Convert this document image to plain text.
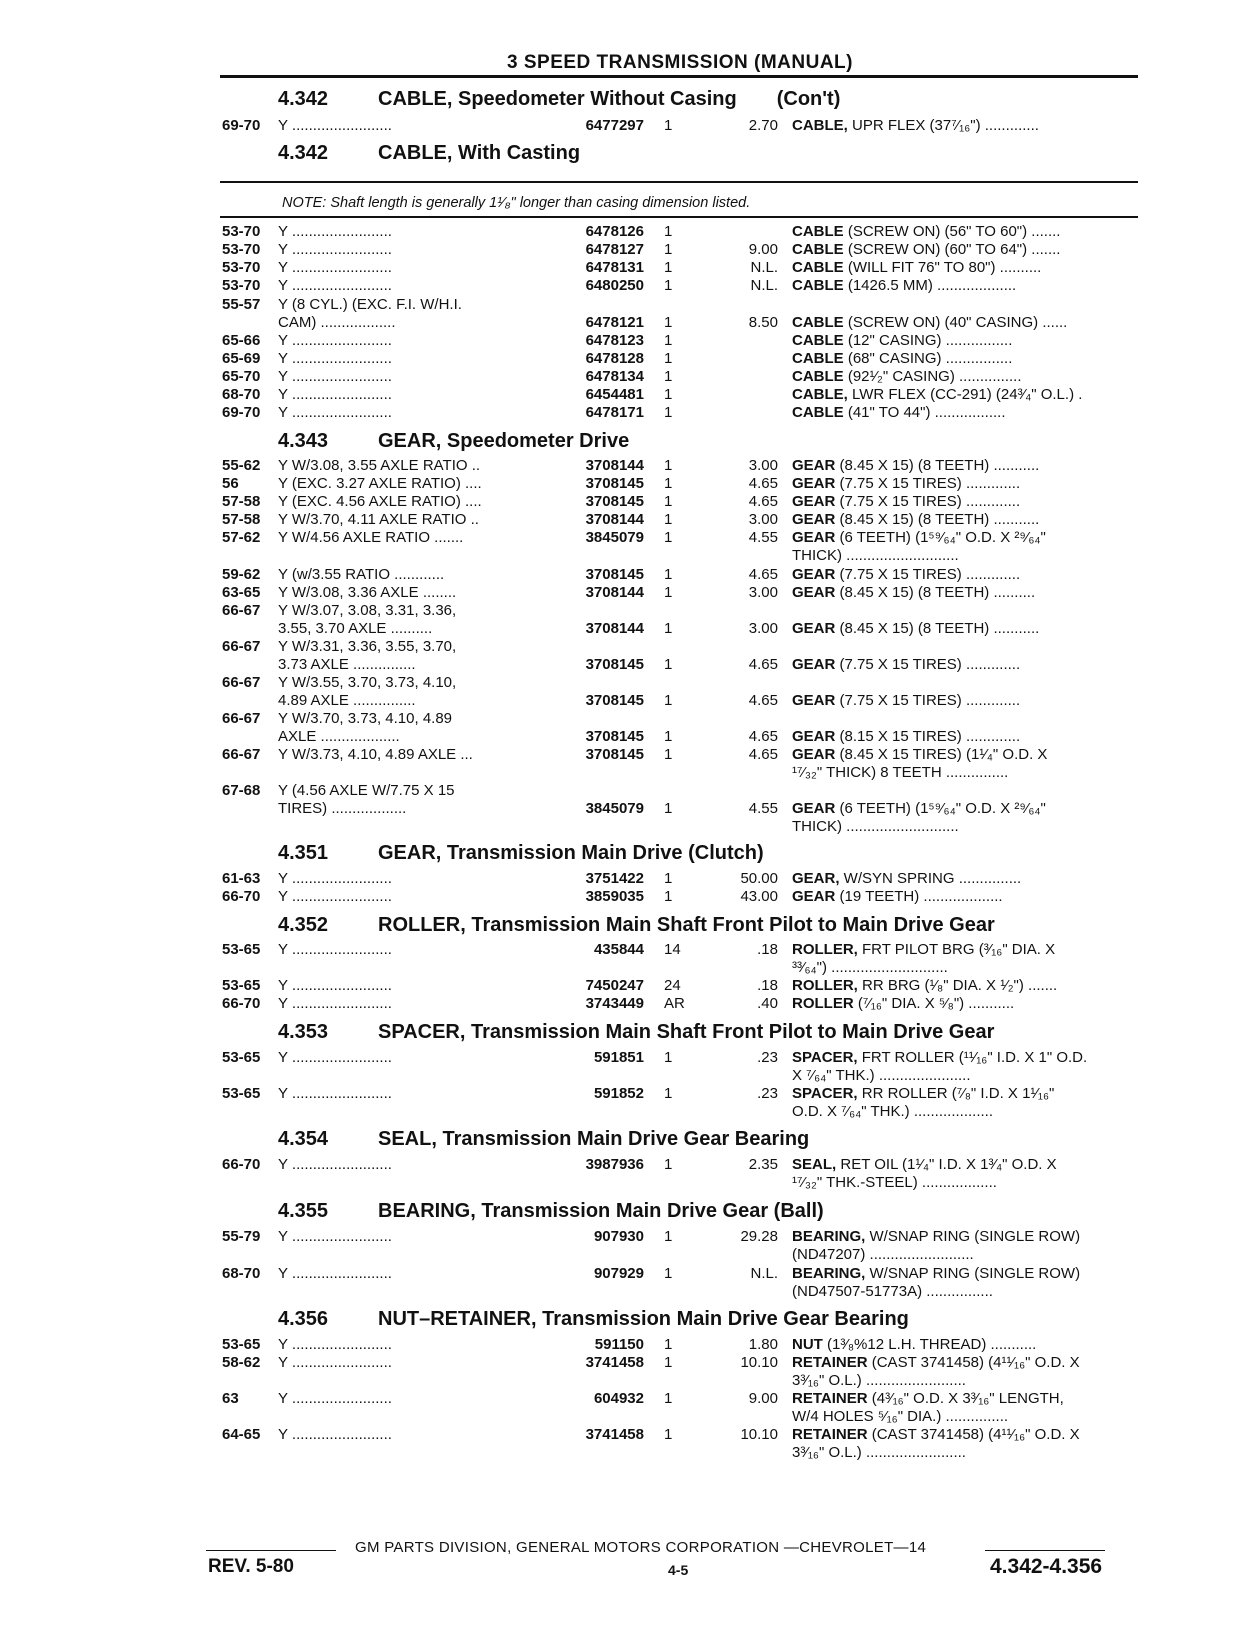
3 SPEED TRANSMISSION (MANUAL)
4.342 CABLE, Speedometer Without Casing (Con't)
4.342 CABLE, With Casting
4.343 GEAR, Speedometer Drive
4.351 GEAR, Transmission Main Drive (Clutch)
4.352 ROLLER, Transmission Main Shaft Front Pilot to Main Drive Gear
4.353 SPACER, Transmission Main Shaft Front Pilot to Main Drive Gear
4.354 SEAL, Transmission Main Drive Gear Bearing
4.355 BEARING, Transmission Main Drive Gear (Ball)
4.356 NUT–RETAINER, Transmission Main Drive Gear Bearing
NOTE: Shaft length is generally 1¹⁄₈" longer than casing dimension listed.
69-70 Y ........................	6477297 1	2.70 CABLE, UPR FLEX (37⁷⁄₁₆") .............
53-70 Y ........................	6478126 1	CABLE (SCREW ON) (56" TO 60") .......
53-70 Y ........................	6478127 1	9.00 CABLE (SCREW ON) (60" TO 64") .......
53-70 Y ........................	6478131 1	N.L. CABLE (WILL FIT 76" TO 80") ..........
53-70 Y ........................	6480250 1	N.L. CABLE (1426.5 MM) ...................
55-57 Y (8 CYL.) (EXC. F.I. W/H.I.
CAM) ..................	6478121 1	8.50 CABLE (SCREW ON) (40" CASING) ......
65-66 Y ........................	6478123 1	CABLE (12" CASING) ................
65-69 Y ........................	6478128 1	CABLE (68" CASING) ................
65-70 Y ........................	6478134 1	CABLE (92¹⁄₂" CASING) ...............
68-70 Y ........................	6454481 1	CABLE, LWR FLEX (CC-291) (24³⁄₄" O.L.) .
69-70 Y ........................	6478171 1	CABLE (41" TO 44") .................
55-62 Y W/3.08, 3.55 AXLE RATIO ..	3708144 1	3.00 GEAR (8.45 X 15) (8 TEETH) ...........
56	Y (EXC. 3.27 AXLE RATIO) ....	3708145 1	4.65 GEAR (7.75 X 15 TIRES) .............
57-58 Y (EXC. 4.56 AXLE RATIO) ....	3708145 1	4.65 GEAR (7.75 X 15 TIRES) .............
57-58 Y W/3.70, 4.11 AXLE RATIO ..	3708144 1	3.00 GEAR (8.45 X 15) (8 TEETH) ...........
57-62 Y W/4.56 AXLE RATIO .......	3845079 1	4.55 GEAR (6 TEETH) (1⁵⁹⁄₆₄" O.D. X ²⁹⁄₆₄"
THICK) ...........................
59-62 Y (w/3.55 RATIO ............	3708145 1	4.65 GEAR (7.75 X 15 TIRES) .............
63-65 Y W/3.08, 3.36 AXLE ........	3708144 1	3.00 GEAR (8.45 X 15) (8 TEETH) ..........
66-67 Y W/3.07, 3.08, 3.31, 3.36,
3.55, 3.70 AXLE ..........	3708144 1	3.00 GEAR (8.45 X 15) (8 TEETH) ...........
66-67 Y W/3.31, 3.36, 3.55, 3.70,
3.73 AXLE ...............	3708145 1	4.65 GEAR (7.75 X 15 TIRES) .............
66-67 Y W/3.55, 3.70, 3.73, 4.10,
4.89 AXLE ...............	3708145 1	4.65 GEAR (7.75 X 15 TIRES) .............
66-67 Y W/3.70, 3.73, 4.10, 4.89
AXLE ...................	3708145 1	4.65 GEAR (8.15 X 15 TIRES) .............
66-67 Y W/3.73, 4.10, 4.89 AXLE ...	3708145 1	4.65 GEAR (8.45 X 15 TIRES) (1¹⁄₄" O.D. X
¹⁷⁄₃₂" THICK) 8 TEETH ...............
67-68 Y (4.56 AXLE W/7.75 X 15
TIRES) ..................	3845079 1	4.55 GEAR (6 TEETH) (1⁵⁹⁄₆₄" O.D. X ²⁹⁄₆₄"
THICK) ...........................
61-63 Y ........................	3751422 1	50.00 GEAR, W/SYN SPRING ...............
66-70 Y ........................	3859035 1	43.00 GEAR (19 TEETH) ...................
53-65 Y ........................	435844 14	.18 ROLLER, FRT PILOT BRG (³⁄₁₆" DIA. X
³³⁄₆₄") ............................
53-65 Y ........................	7450247 24	.18 ROLLER, RR BRG (¹⁄₈" DIA. X ¹⁄₂") .......
66-70 Y ........................	3743449 AR	.40 ROLLER (⁷⁄₁₆" DIA. X ⁵⁄₈") ...........
53-65 Y ........................	591851 1	.23 SPACER, FRT ROLLER (¹¹⁄₁₆" I.D. X 1" O.D.
X ⁷⁄₆₄" THK.) ......................
53-65 Y ........................	591852 1	.23 SPACER, RR ROLLER (⁷⁄₈" I.D. X 1¹⁄₁₆"
O.D. X ⁷⁄₆₄" THK.) ...................
66-70 Y ........................	3987936 1	2.35 SEAL, RET OIL (1¹⁄₄" I.D. X 1³⁄₄" O.D. X
¹⁷⁄₃₂" THK.-STEEL) ..................
55-79 Y ........................	907930 1	29.28 BEARING, W/SNAP RING (SINGLE ROW)
(ND47207) .........................
68-70 Y ........................	907929 1	N.L. BEARING, W/SNAP RING (SINGLE ROW)
(ND47507-51773A) ................
53-65 Y ........................	591150 1	1.80 NUT (1³⁄₈%12 L.H. THREAD) ...........
58-62 Y ........................	3741458 1	10.10 RETAINER (CAST 3741458) (4¹¹⁄₁₆" O.D. X
3³⁄₁₆" O.L.) ........................
63	Y ........................	604932 1	9.00 RETAINER (4³⁄₁₆" O.D. X 3³⁄₁₆" LENGTH,
W/4 HOLES ⁵⁄₁₆" DIA.) ...............
64-65 Y ........................	3741458 1	10.10 RETAINER (CAST 3741458) (4¹¹⁄₁₆" O.D. X
3³⁄₁₆" O.L.) ........................
GM PARTS DIVISION, GENERAL MOTORS CORPORATION —CHEVROLET—14
REV. 5-80	4-5	4.342-4.356
